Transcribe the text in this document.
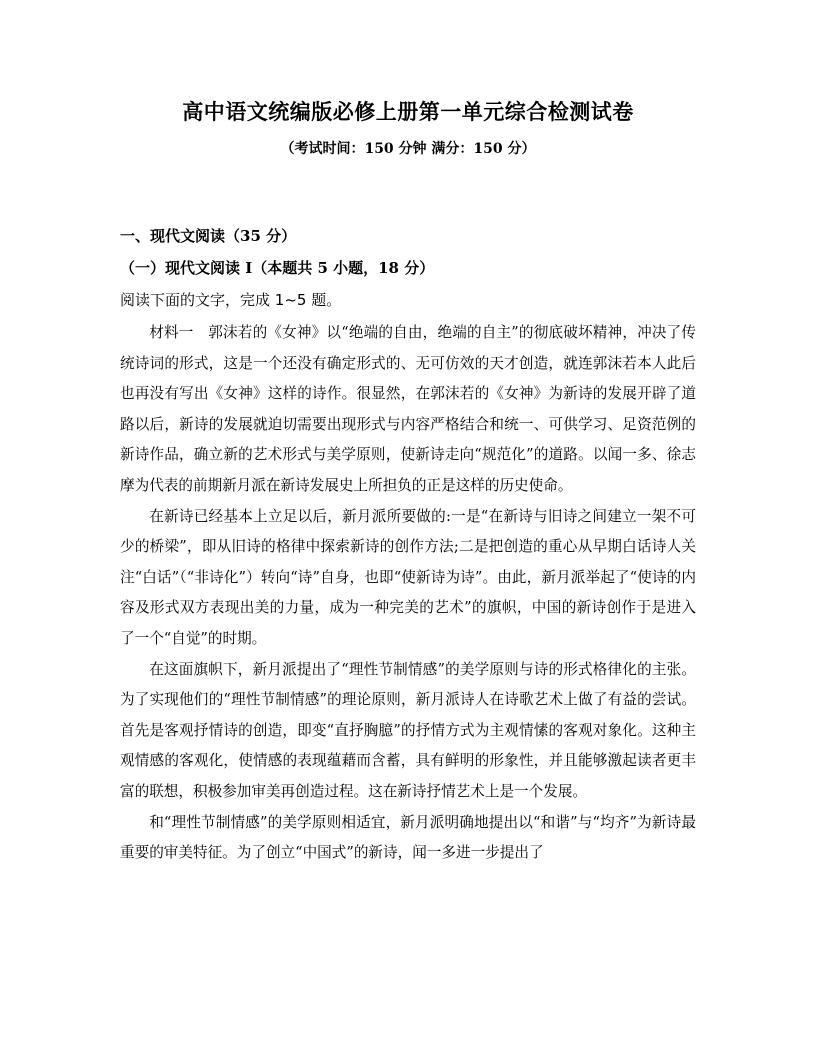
高中语文统编版必修上册第一单元综合检测试卷
（考试时间：150 分钟 满分：150 分）
一、现代文阅读（35 分）
（一）现代文阅读 I（本题共 5 小题，18 分）
阅读下面的文字，完成 1~5 题。

材料一　郭沫若的《女神》以“绝端的自由，绝端的自主”的彻底破坏精神，冲决了传统诗词的形式，这是一个还没有确定形式的、无可仿效的天才创造，就连郭沫若本人此后也再没有写出《女神》这样的诗作。很显然，在郭沫若的《女神》为新诗的发展开辟了道路以后，新诗的发展就迫切需要出现形式与内容严格结合和统一、可供学习、足资范例的新诗作品，确立新的艺术形式与美学原则，使新诗走向“规范化”的道路。以闻一多、徐志摩为代表的前期新月派在新诗发展史上所担负的正是这样的历史使命。

在新诗已经基本上立足以后，新月派所要做的:一是“在新诗与旧诗之间建立一架不可少的桥梁”，即从旧诗的格律中探索新诗的创作方法;二是把创造的重心从早期白话诗人关注“白话”（“非诗化”）转向“诗”自身，也即“使新诗为诗”。由此，新月派举起了“使诗的内容及形式双方表现出美的力量，成为一种完美的艺术”的旗帜，中国的新诗创作于是进入了一个“自觉”的时期。

在这面旗帜下，新月派提出了“理性节制情感”的美学原则与诗的形式格律化的主张。为了实现他们的“理性节制情感”的理论原则，新月派诗人在诗歌艺术上做了有益的尝试。首先是客观抒情诗的创造，即变“直抒胸臆”的抒情方式为主观情愫的客观对象化。这种主观情感的客观化，使情感的表现蕴藉而含蓄，具有鲜明的形象性，并且能够激起读者更丰富的联想，积极参加审美再创造过程。这在新诗抒情艺术上是一个发展。

和“理性节制情感”的美学原则相适宜，新月派明确地提出以“和谐”与“均齐”为新诗最重要的审美特征。为了创立“中国式”的新诗，闻一多进一步提出了
